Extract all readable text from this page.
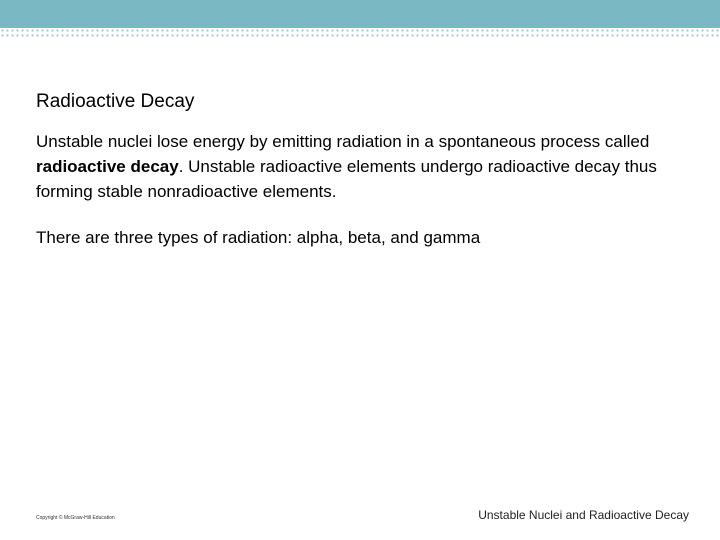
Radioactive Decay

Unstable nuclei lose energy by emitting radiation in a spontaneous process called radioactive decay. Unstable radioactive elements undergo radioactive decay thus forming stable nonradioactive elements.

There are three types of radiation: alpha, beta, and gamma

Copyright © McGraw-Hill Education	Unstable Nuclei and Radioactive Decay
